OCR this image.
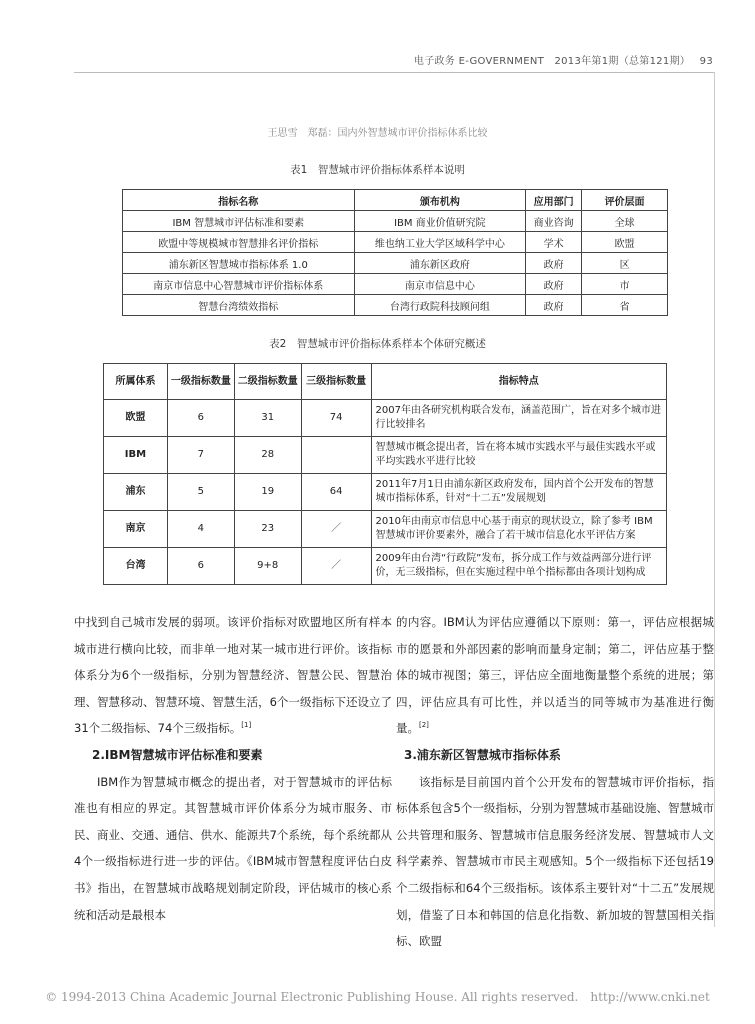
电子政务 E-GOVERNMENT 2013年第1期（总第121期） 93
王思雪　郑磊：国内外智慧城市评价指标体系比较
表1　智慧城市评价指标体系样本说明
指标名称	颁布机构	应用部门	评价层面
IBM 智慧城市评估标准和要素	IBM 商业价值研究院	商业咨询	全球
欧盟中等规模城市智慧排名评价指标	维也纳工业大学区域科学中心	学术	欧盟
浦东新区智慧城市指标体系 1.0	浦东新区政府	政府	区
南京市信息中心智慧城市评价指标体系	南京市信息中心	政府	市
智慧台湾绩效指标	台湾行政院科技顾问组	政府	省
表2　智慧城市评价指标体系样本个体研究概述
所属体系	一级指标数量	二级指标数量	三级指标数量	指标特点
欧盟	6	31	74	2007年由各研究机构联合发布，涵盖范围广，旨在对多个城市进行比较排名
IBM	7	28		智慧城市概念提出者，旨在将本城市实践水平与最佳实践水平或平均实践水平进行比较
浦东	5	19	64	2011年7月1日由浦东新区政府发布，国内首个公开发布的智慧城市指标体系，针对“十二五”发展规划
南京	4	23	／	2010年由南京市信息中心基于南京的现状设立，除了参考 IBM 智慧城市评价要素外，融合了若干城市信息化水平评估方案
台湾	6	9+8	／	2009年由台湾“行政院”发布，拆分成工作与效益两部分进行评价，无三级指标，但在实施过程中单个指标都由各项计划构成

中找到自己城市发展的弱项。该评价指标对欧盟地区所有样本城市进行横向比较，而非单一地对某一城市进行评价。该指标体系分为6个一级指标，分别为智慧经济、智慧公民、智慧治理、智慧移动、智慧环境、智慧生活，6个一级指标下还设立了31个二级指标、74个三级指标。[1]

2.IBM智慧城市评估标准和要素

IBM作为智慧城市概念的提出者，对于智慧城市的评估标准也有相应的界定。其智慧城市评价体系分为城市服务、市民、商业、交通、通信、供水、能源共7个系统，每个系统都从4个一级指标进行进一步的评估。《IBM城市智慧程度评估白皮书》指出，在智慧城市战略规划制定阶段，评估城市的核心系统和活动是最根本

的内容。IBM认为评估应遵循以下原则：第一，评估应根据城市的愿景和外部因素的影响而量身定制；第二，评估应基于整体的城市视图；第三，评估应全面地衡量整个系统的进展；第四，评估应具有可比性，并以适当的同等城市为基准进行衡量。[2]

3.浦东新区智慧城市指标体系

该指标是目前国内首个公开发布的智慧城市评价指标，指标体系包含5个一级指标，分别为智慧城市基础设施、智慧城市公共管理和服务、智慧城市信息服务经济发展、智慧城市人文科学素养、智慧城市市民主观感知。5个一级指标下还包括19个二级指标和64个三级指标。该体系主要针对“十二五”发展规划，借鉴了日本和韩国的信息化指数、新加坡的智慧国相关指标、欧盟

© 1994-2013 China Academic Journal Electronic Publishing House. All rights reserved.　http://www.cnki.net
